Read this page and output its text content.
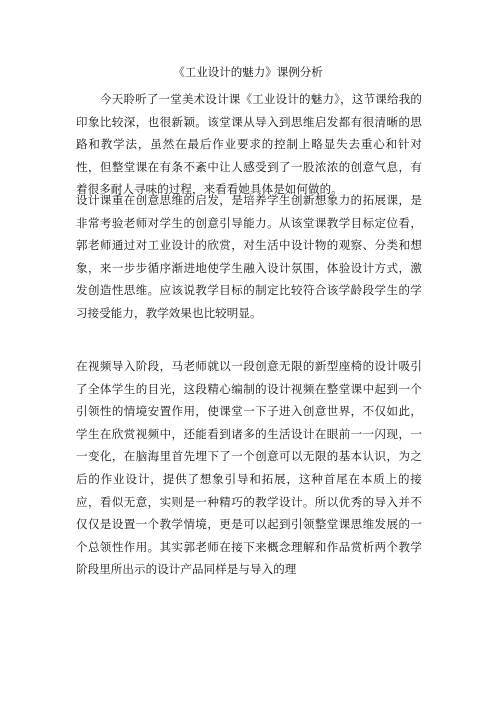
《工业设计的魅力》课例分析

今天聆听了一堂美术设计课《工业设计的魅力》，这节课给我的印象比较深，也很新颖。该堂课从导入到思维启发都有很清晰的思路和教学法，虽然在最后作业要求的控制上略显失去重心和针对性，但整堂课在有条不紊中让人感受到了一股浓浓的创意气息，有着很多耐人寻味的过程，来看看她具体是如何做的。

设计课重在创意思维的启发，是培养学生创新想象力的拓展课，是非常考验老师对学生的创意引导能力。从该堂课教学目标定位看，郭老师通过对工业设计的欣赏，对生活中设计物的观察、分类和想象，来一步步循序渐进地使学生融入设计氛围，体验设计方式，激发创造性思维。应该说教学目标的制定比较符合该学龄段学生的学习接受能力，教学效果也比较明显。

在视频导入阶段，马老师就以一段创意无限的新型座椅的设计吸引了全体学生的目光，这段精心编制的设计视频在整堂课中起到一个引领性的情境安置作用，使课堂一下子进入创意世界，不仅如此，学生在欣赏视频中，还能看到诸多的生活设计在眼前一一闪现，一一变化，在脑海里首先埋下了一个创意可以无限的基本认识，为之后的作业设计，提供了想象引导和拓展，这种首尾在本质上的接应，看似无意，实则是一种精巧的教学设计。所以优秀的导入并不仅仅是设置一个教学情境，更是可以起到引领整堂课思维发展的一个总领性作用。其实郭老师在接下来概念理解和作品赏析两个教学阶段里所出示的设计产品同样是与导入的理
